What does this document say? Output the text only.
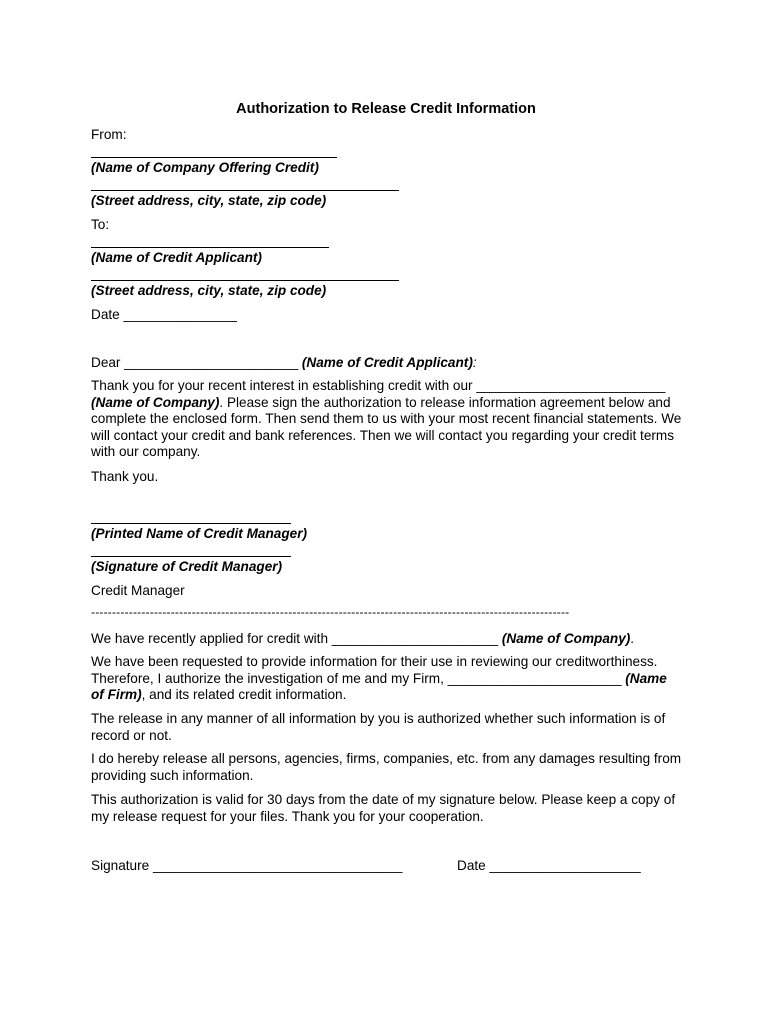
Authorization to Release Credit Information
From:
(Name of Company Offering Credit)
(Street address, city, state, zip code)
To:
(Name of Credit Applicant)
(Street address, city, state, zip code)
Date _______________
Dear _______________________ (Name of Credit Applicant):
Thank you for your recent interest in establishing credit with our _________________________
(Name of Company). Please sign the authorization to release information agreement below and complete the enclosed form. Then send them to us with your most recent financial statements. We will contact your credit and bank references. Then we will contact you regarding your credit terms with our company.
Thank you.
(Printed Name of Credit Manager)
(Signature of Credit Manager)
Credit Manager
------------------------------------------------------------------------------------------------------------------
We have recently applied for credit with ______________________ (Name of Company).
We have been requested to provide information for their use in reviewing our creditworthiness. Therefore, I authorize the investigation of me and my Firm, _______________________ (Name of Firm), and its related credit information.
The release in any manner of all information by you is authorized whether such information is of record or not.
I do hereby release all persons, agencies, firms, companies, etc. from any damages resulting from providing such information.
This authorization is valid for 30 days from the date of my signature below. Please keep a copy of my release request for your files. Thank you for your cooperation.
Signature _________________________________	Date ____________________
